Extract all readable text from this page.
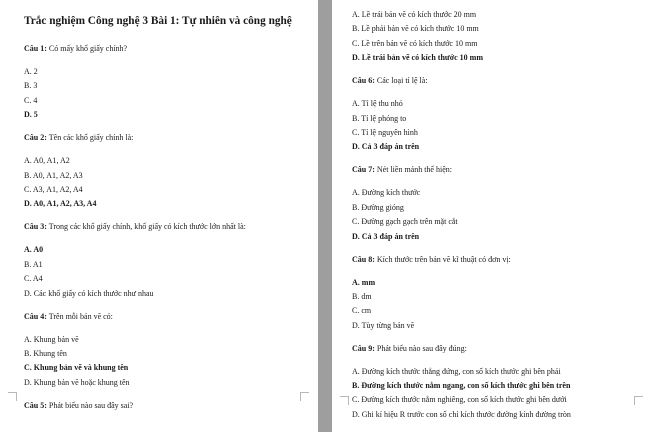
Trắc nghiệm Công nghệ 3 Bài 1: Tự nhiên và công nghệ
Câu 1: Có mấy khổ giấy chính?
A. 2
B. 3
C. 4
D. 5
Câu 2: Tên các khổ giấy chính là:
A. A0, A1, A2
B. A0, A1, A2, A3
C. A3, A1, A2, A4
D. A0, A1, A2, A3, A4
Câu 3: Trong các khổ giấy chính, khổ giấy có kích thước lớn nhất là:
A. A0
B. A1
C. A4
D. Các khổ giấy có kích thước như nhau
Câu 4: Trên mỗi bản vẽ có:
A. Khung bản vẽ
B. Khung tên
C. Khung bản vẽ và khung tên
D. Khung bản vẽ hoặc khung tên
Câu 5: Phát biểu nào sau đây sai?
A. Lề trái bản vẽ có kích thước 20 mm
B. Lề phải bản vẽ có kích thước 10 mm
C. Lề trên bản vẽ có kích thước 10 mm
D. Lề trái bản vẽ có kích thước 10 mm
Câu 6: Các loại tỉ lệ là:
A. Tỉ lệ thu nhỏ
B. Tỉ lệ phóng to
C. Tỉ lệ nguyên hình
D. Cả 3 đáp án trên
Câu 7: Nét liền mảnh thể hiện:
A. Đường kích thước
B. Đường gióng
C. Đường gạch gạch trên mặt cắt
D. Cả 3 đáp án trên
Câu 8: Kích thước trên bản vẽ kĩ thuật có đơn vị:
A. mm
B. dm
C. cm
D. Tùy từng bản vẽ
Câu 9: Phát biểu nào sau đây đúng:
A. Đường kích thước thẳng đứng, con số kích thước ghi bên phải
B. Đường kích thước nằm ngang, con số kích thước ghi bên trên
C. Đường kích thước nằm nghiêng, con số kích thước ghi bên dưới
D. Ghi kí hiệu R trước con số chỉ kích thước đường kính đường tròn
